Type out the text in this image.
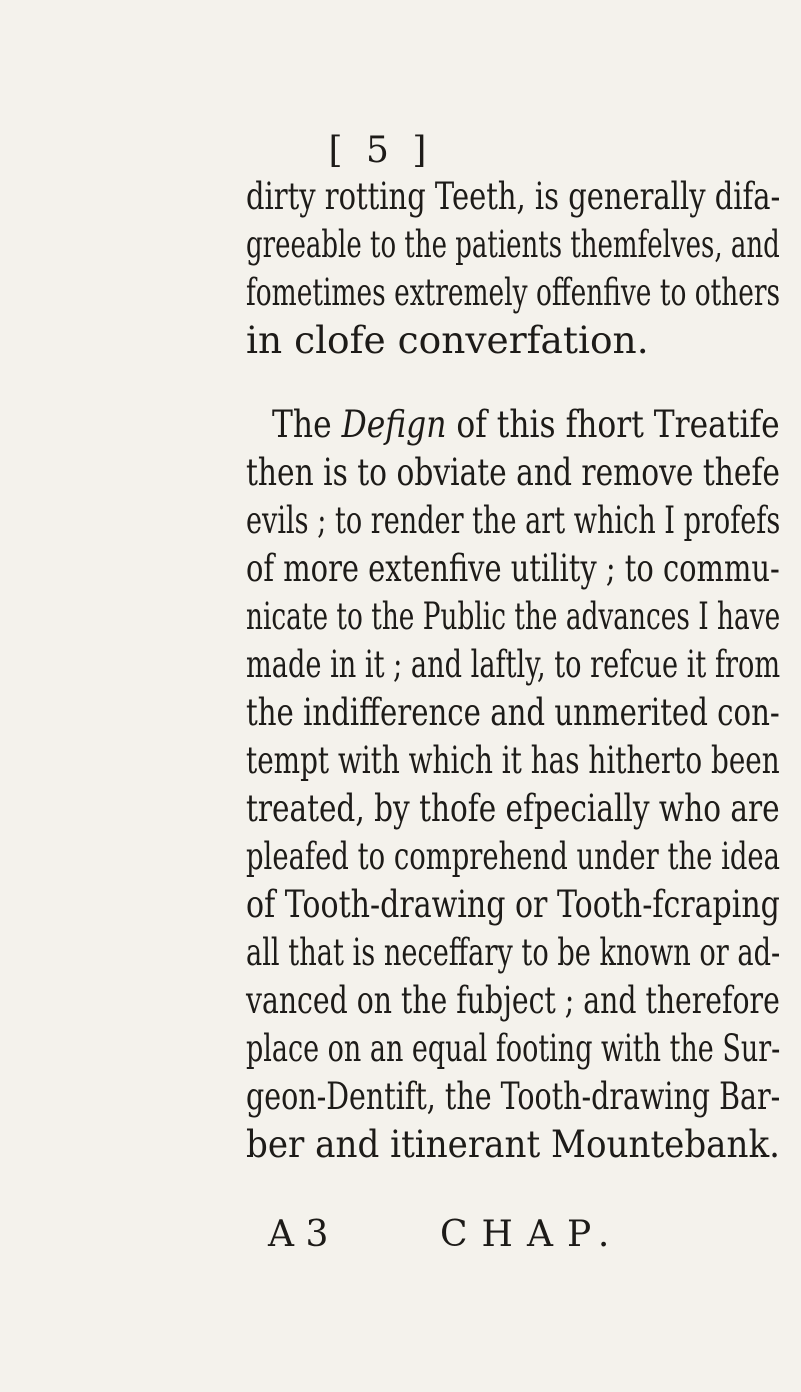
[ 5 ]
dirty rotting Teeth, is generally difa-
greeable to the patients themfelves, and
fometimes extremely offenfive to others
in clofe converfation.
The Defign of this fhort Treatife
then is to obviate and remove thefe
evils ; to render the art which I profefs
of more extenfive utility ; to commu-
nicate to the Public the advances I have
made in it ; and laftly, to refcue it from
the indifference and unmerited con-
tempt with which it has hitherto been
treated, by thofe efpecially who are
pleafed to comprehend under the idea
of Tooth-drawing or Tooth-fcraping
all that is neceffary to be known or ad-
vanced on the fubject ; and therefore
place on an equal footing with the Sur-
geon-Dentift, the Tooth-drawing Bar-
ber and itinerant Mountebank.
A 3	CHAP.
